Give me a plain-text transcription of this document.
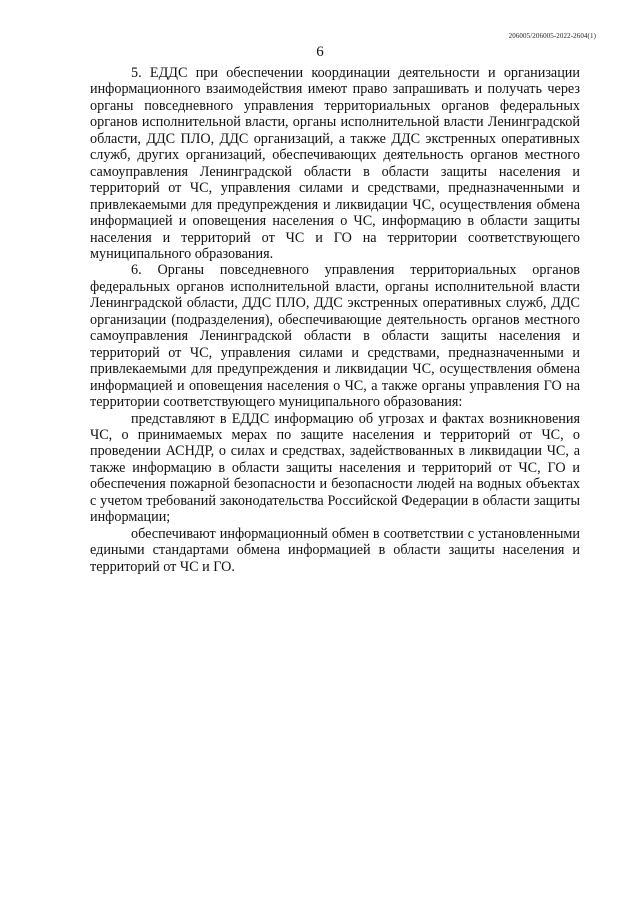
206005/206005-2022-2604(1)
6

5. ЕДДС при обеспечении координации деятельности и организации информационного взаимодействия имеют право запрашивать и получать через органы повседневного управления территориальных органов федеральных органов исполнительной власти, органы исполнительной власти Ленинградской области, ДДС ПЛО, ДДС организаций, а также ДДС экстренных оперативных служб, других организаций, обеспечивающих деятельность органов местного самоуправления Ленинградской области в области защиты населения и территорий от ЧС, управления силами и средствами, предназначенными и привлекаемыми для предупреждения и ликвидации ЧС, осуществления обмена информацией и оповещения населения о ЧС, информацию в области защиты населения и территорий от ЧС и ГО на территории соответствующего муниципального образования.

6. Органы повседневного управления территориальных органов федеральных органов исполнительной власти, органы исполнительной власти Ленинградской области, ДДС ПЛО, ДДС экстренных оперативных служб, ДДС организации (подразделения), обеспечивающие деятельность органов местного самоуправления Ленинградской области в области защиты населения и территорий от ЧС, управления силами и средствами, предназначенными и привлекаемыми для предупреждения и ликвидации ЧС, осуществления обмена информацией и оповещения населения о ЧС, а также органы управления ГО на территории соответствующего муниципального образования:

представляют в ЕДДС информацию об угрозах и фактах возникновения ЧС, о принимаемых мерах по защите населения и территорий от ЧС, о проведении АСНДР, о силах и средствах, задействованных в ликвидации ЧС, а также информацию в области защиты населения и территорий от ЧС, ГО и обеспечения пожарной безопасности и безопасности людей на водных объектах с учетом требований законодательства Российской Федерации в области защиты информации;

обеспечивают информационный обмен в соответствии с установленными едиными стандартами обмена информацией в области защиты населения и территорий от ЧС и ГО.
